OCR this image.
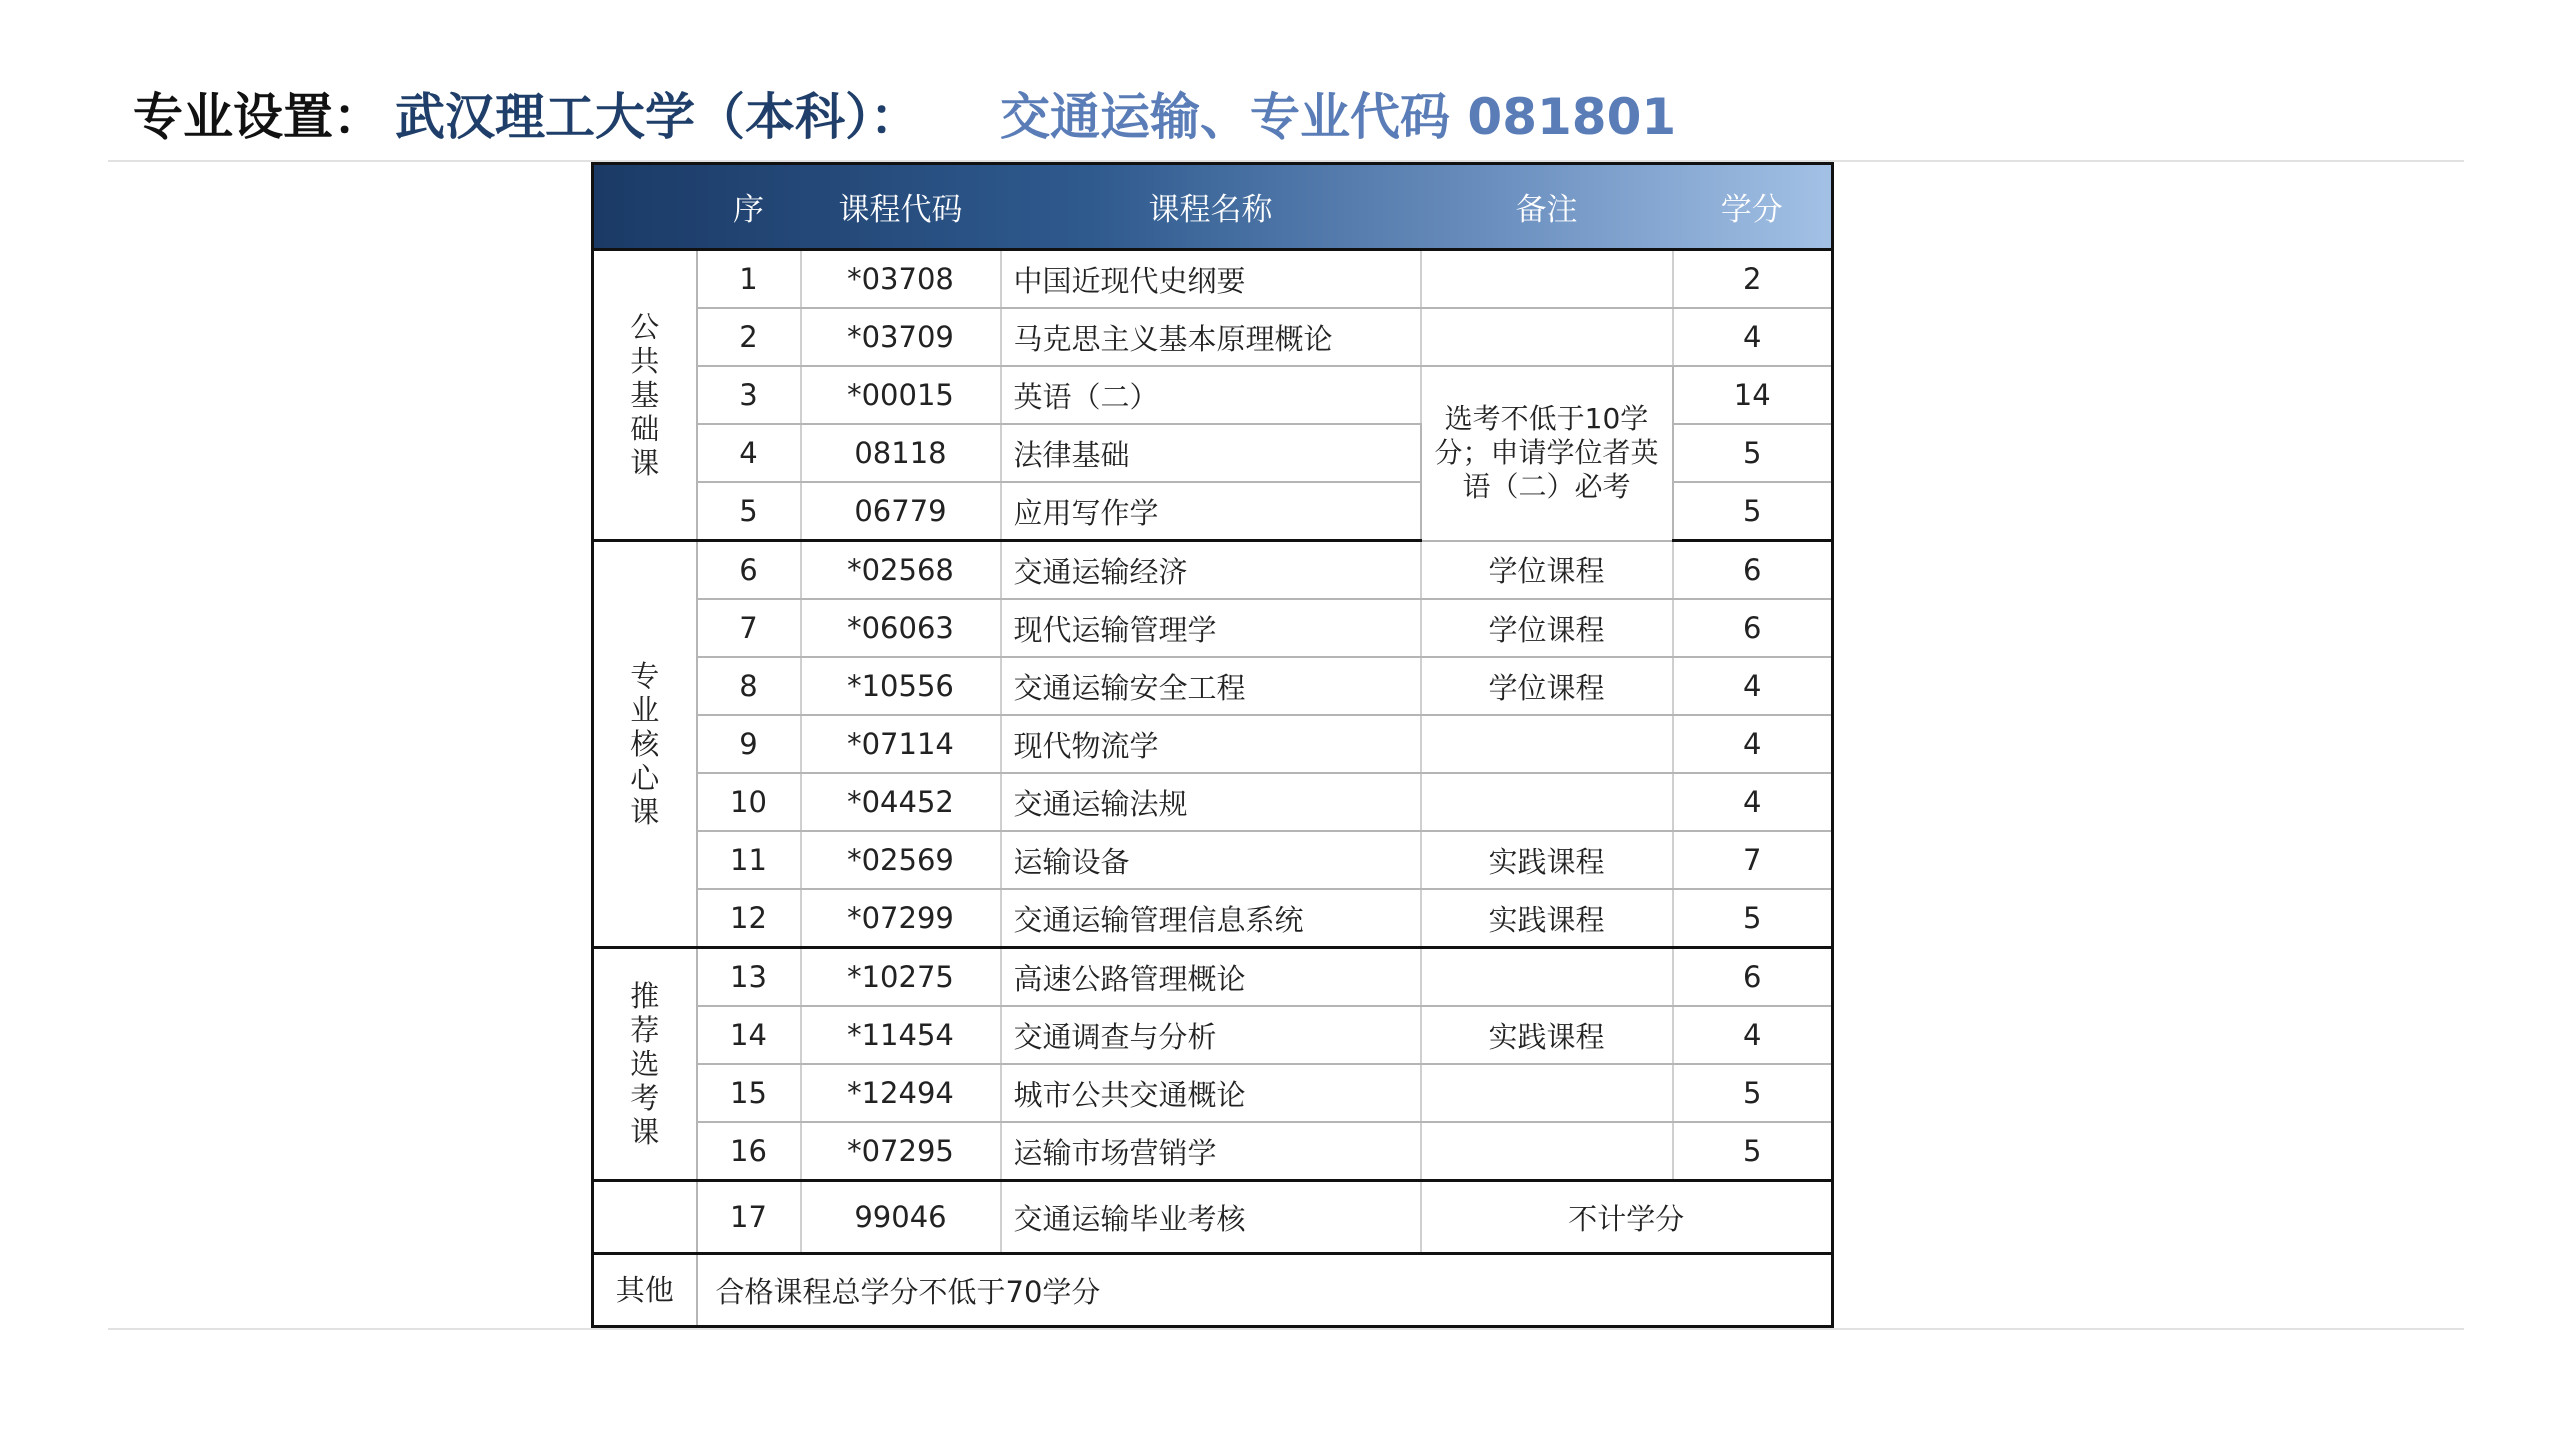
专业设置： 武汉理工大学（本科）： 交通运输、专业代码 081801
	序	课程代码	课程名称	备注	学分
公共基础课	1	*03708	中国近现代史纲要		2
	2	*03709	马克思主义基本原理概论		4
	3	*00015	英语（二）	选考不低于10学分；申请学位者英语（二）必考	14
	4	08118	法律基础		5
	5	06779	应用写作学		5
专业核心课	6	*02568	交通运输经济	学位课程	6
	7	*06063	现代运输管理学	学位课程	6
	8	*10556	交通运输安全工程	学位课程	4
	9	*07114	现代物流学		4
	10	*04452	交通运输法规		4
	11	*02569	运输设备	实践课程	7
	12	*07299	交通运输管理信息系统	实践课程	5
推荐选考课	13	*10275	高速公路管理概论		6
	14	*11454	交通调查与分析	实践课程	4
	15	*12494	城市公共交通概论		5
	16	*07295	运输市场营销学		5
	17	99046	交通运输毕业考核	不计学分	
其他	合格课程总学分不低于70学分				
